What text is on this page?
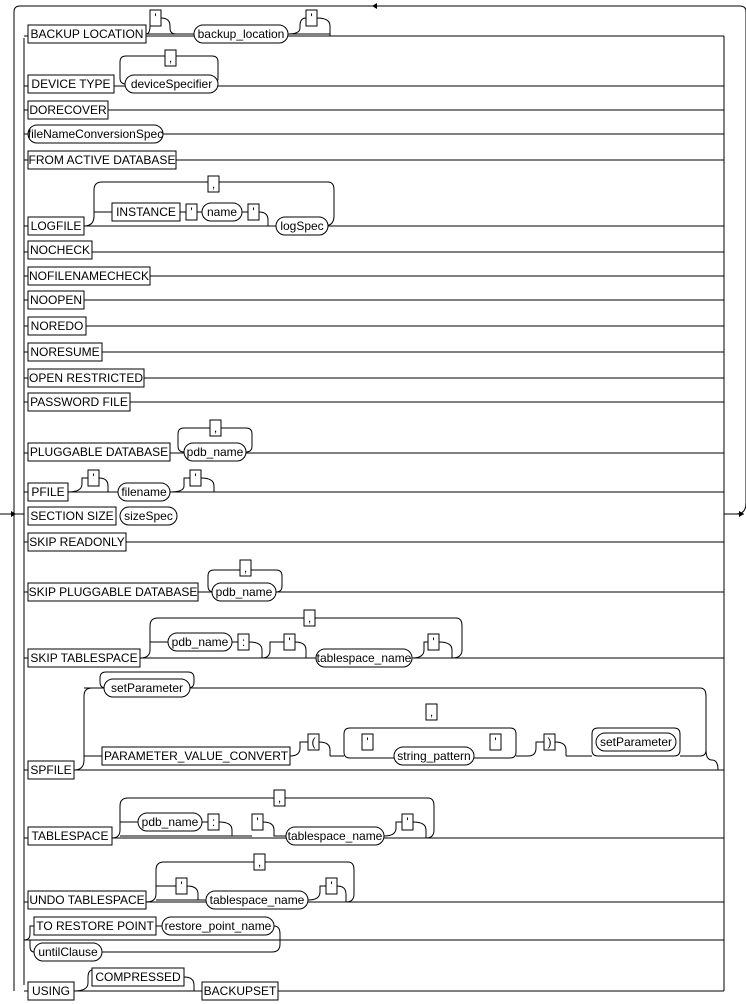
BACKUP LOCATION
'
backup_location
'
DEVICE TYPE deviceSpecifier
,
DORECOVER
fileNameConversionSpec
FROM ACTIVE DATABASE
LOGFILE
,
INSTANCE ' name '
logSpec
NOCHECK
NOFILENAMECHECK
NOOPEN
NOREDO
NORESUME
OPEN RESTRICTED
PASSWORD FILE
PLUGGABLE DATABASE
,
pdb_name
PFILE
'
filename
'
SECTION SIZE sizeSpec
SKIP READONLY
SKIP PLUGGABLE DATABASE
,
pdb_name
SKIP TABLESPACE
,
pdb_name :	'
tablespace_name
'
SPFILE
setParameter
PARAMETER_VALUE_CONVERT
(	)
,
'
string_pattern
'	setParameter
TABLESPACE
,
pdb_name :	'
tablespace_name
'
UNDO TABLESPACE
,
'
tablespace_name
'
TO RESTORE POINT restore_point_name
untilClause
USING
COMPRESSED
BACKUPSET
